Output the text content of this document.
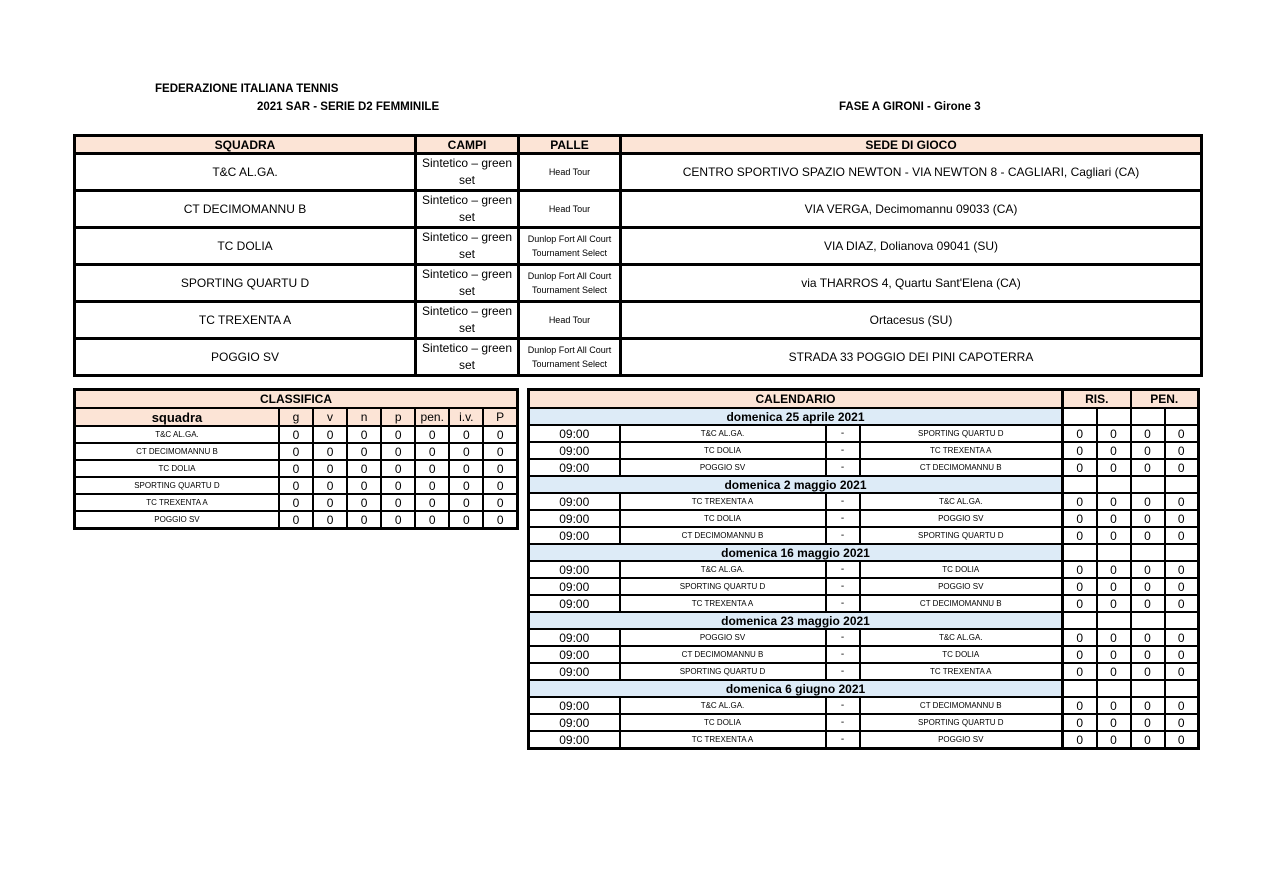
FEDERAZIONE ITALIANA TENNIS
2021 SAR - SERIE D2 FEMMINILE	FASE A GIRONI - Girone 3
SQUADRA	CAMPI	PALLE	SEDE DI GIOCO
T&C AL.GA.	Sintetico – green set	Head Tour	CENTRO SPORTIVO SPAZIO NEWTON - VIA NEWTON 8 - CAGLIARI, Cagliari (CA)
CT DECIMOMANNU B	Sintetico – green set	Head Tour	VIA VERGA, Decimomannu 09033 (CA)
TC DOLIA	Sintetico – green set	Dunlop Fort All Court Tournament Select	VIA DIAZ, Dolianova 09041 (SU)
SPORTING QUARTU D	Sintetico – green set	Dunlop Fort All Court Tournament Select	via THARROS 4, Quartu Sant'Elena (CA)
TC TREXENTA A	Sintetico – green set	Head Tour	Ortacesus (SU)
POGGIO SV	Sintetico – green set	Dunlop Fort All Court Tournament Select	STRADA 33 POGGIO DEI PINI CAPOTERRA
CLASSIFICA							
squadra	g	v	n	p	pen.	i.v.	P
T&C AL.GA.	0	0	0	0	0	0	0
CT DECIMOMANNU B	0	0	0	0	0	0	0
TC DOLIA	0	0	0	0	0	0	0
SPORTING QUARTU D	0	0	0	0	0	0	0
TC TREXENTA A	0	0	0	0	0	0	0
POGGIO SV	0	0	0	0	0	0	0
CALENDARIO				RIS.		PEN.	
domenica 25 aprile 2021							
09:00	T&C AL.GA.	-	SPORTING QUARTU D	0	0	0	0
09:00	TC DOLIA	-	TC TREXENTA A	0	0	0	0
09:00	POGGIO SV	-	CT DECIMOMANNU B	0	0	0	0
domenica 2 maggio 2021							
09:00	TC TREXENTA A	-	T&C AL.GA.	0	0	0	0
09:00	TC DOLIA	-	POGGIO SV	0	0	0	0
09:00	CT DECIMOMANNU B	-	SPORTING QUARTU D	0	0	0	0
domenica 16 maggio 2021							
09:00	T&C AL.GA.	-	TC DOLIA	0	0	0	0
09:00	SPORTING QUARTU D	-	POGGIO SV	0	0	0	0
09:00	TC TREXENTA A	-	CT DECIMOMANNU B	0	0	0	0
domenica 23 maggio 2021							
09:00	POGGIO SV	-	T&C AL.GA.	0	0	0	0
09:00	CT DECIMOMANNU B	-	TC DOLIA	0	0	0	0
09:00	SPORTING QUARTU D	-	TC TREXENTA A	0	0	0	0
domenica 6 giugno 2021							
09:00	T&C AL.GA.	-	CT DECIMOMANNU B	0	0	0	0
09:00	TC DOLIA	-	SPORTING QUARTU D	0	0	0	0
09:00	TC TREXENTA A	-	POGGIO SV	0	0	0	0
